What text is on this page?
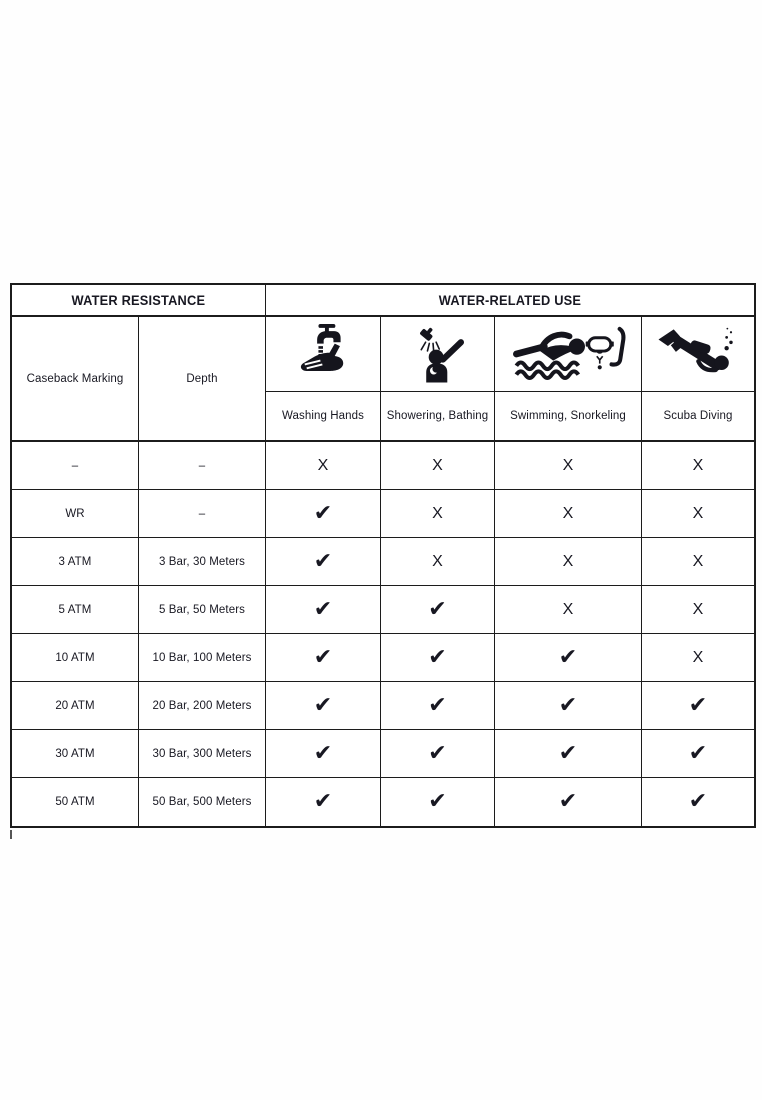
WATER RESISTANCE	WATER-RELATED USE
Caseback Marking	Depth
Washing Hands	Showering, Bathing	Swimming, Snorkeling	Scuba Diving
–	–	X	X	X	X
WR	–	✔	X	X	X
3 ATM	3 Bar, 30 Meters	✔	X	X	X
5 ATM	5 Bar, 50 Meters	✔	✔	X	X
10 ATM	10 Bar, 100 Meters	✔	✔	✔	X
20 ATM	20 Bar, 200 Meters	✔	✔	✔	✔
30 ATM	30 Bar, 300 Meters	✔	✔	✔	✔
50 ATM	50 Bar, 500 Meters	✔	✔	✔	✔
